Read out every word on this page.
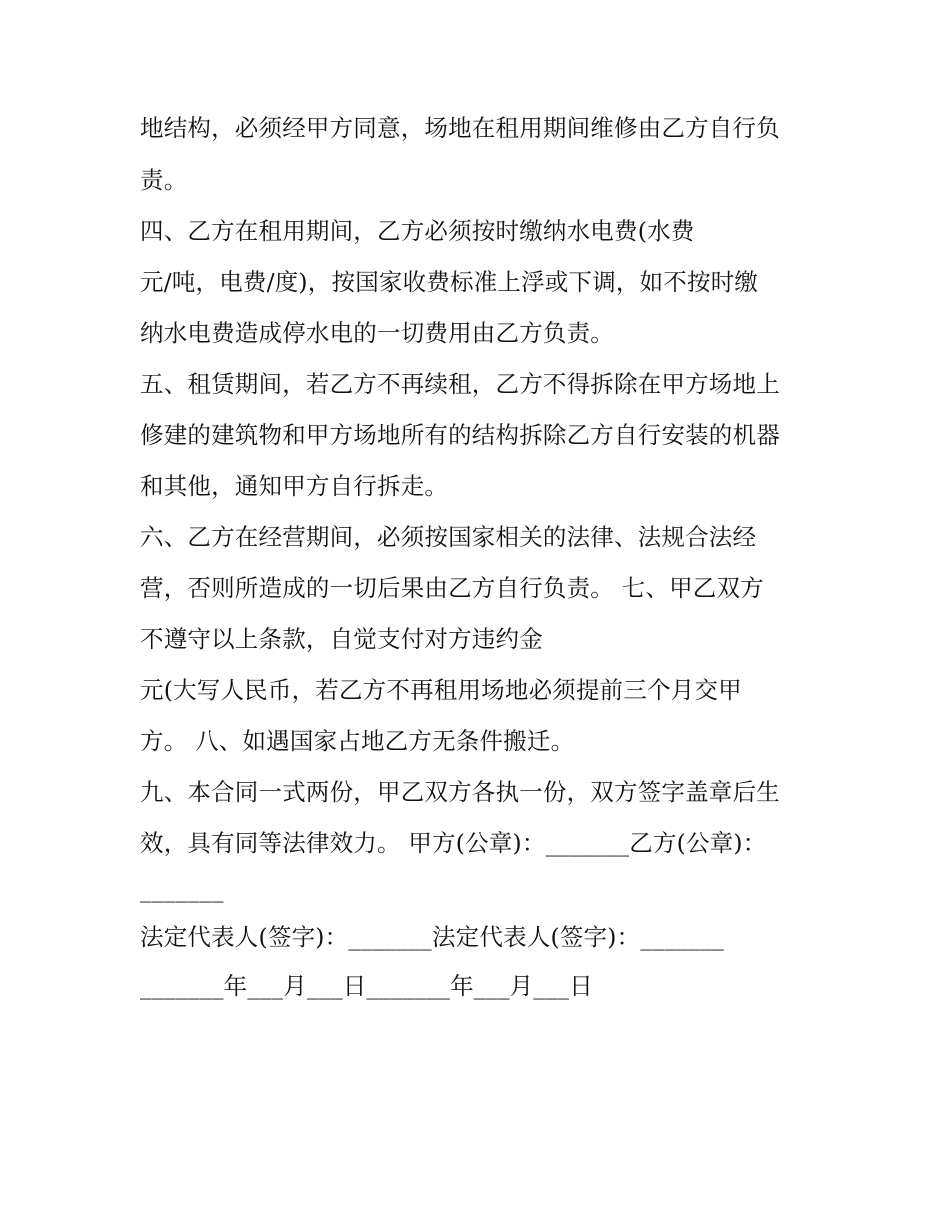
地结构，必须经甲方同意，场地在租用期间维修由乙方自行负

责。

四、乙方在租用期间，乙方必须按时缴纳水电费(水费

元/吨，电费/度)，按国家收费标准上浮或下调，如不按时缴

纳水电费造成停水电的一切费用由乙方负责。

五、租赁期间，若乙方不再续租，乙方不得拆除在甲方场地上

修建的建筑物和甲方场地所有的结构拆除乙方自行安装的机器

和其他，通知甲方自行拆走。

六、乙方在经营期间，必须按国家相关的法律、法规合法经

营，否则所造成的一切后果由乙方自行负责。 七、甲乙双方

不遵守以上条款，自觉支付对方违约金

元(大写人民币，若乙方不再租用场地必须提前三个月交甲

方。 八、如遇国家占地乙方无条件搬迁。

九、本合同一式两份，甲乙双方各执一份，双方签字盖章后生

效，具有同等法律效力。 甲方(公章)：_______乙方(公章)：

_______

法定代表人(签字)：_______法定代表人(签字)：_______

_______年___月___日_______年___月___日
